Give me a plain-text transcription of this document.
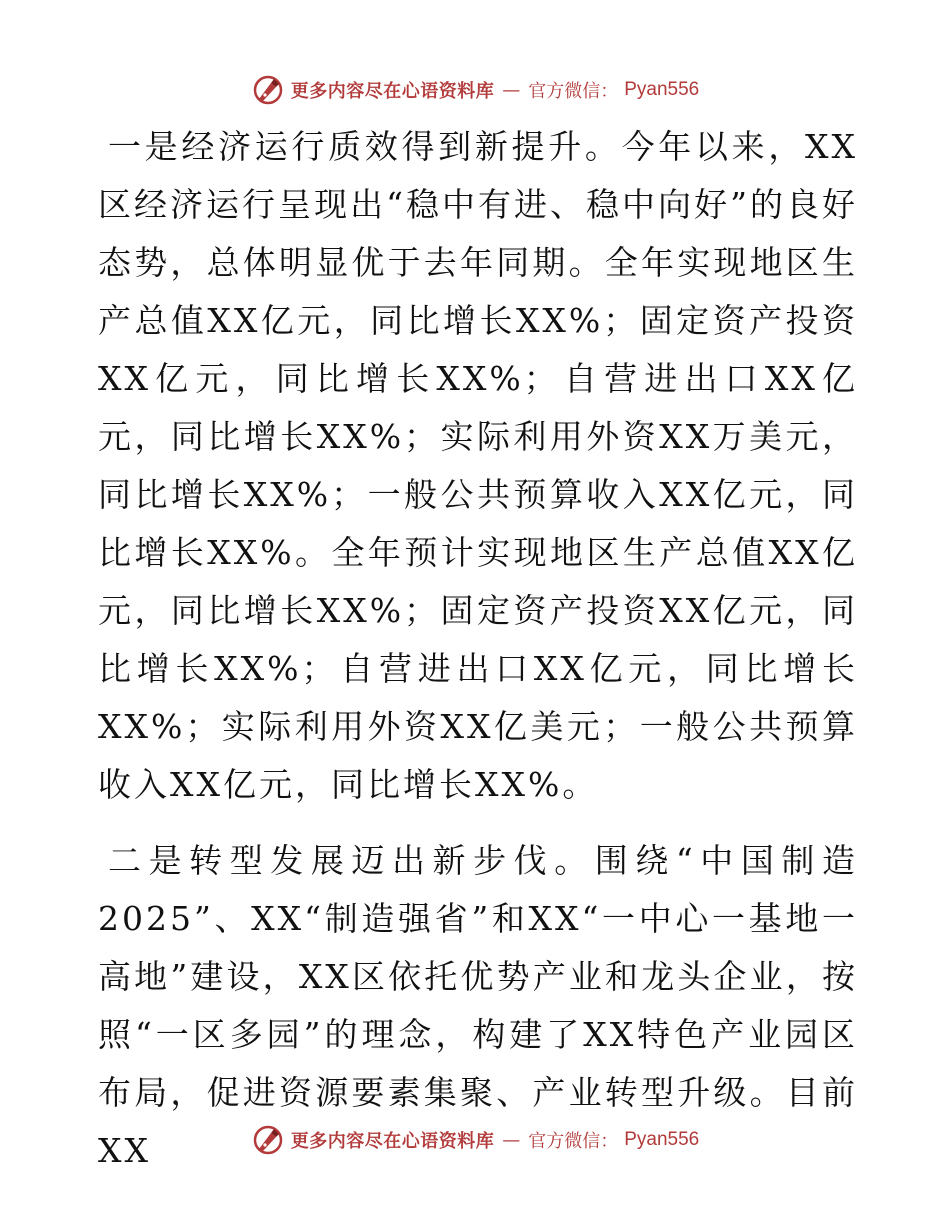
更多内容尽在心语资料库 — 官方微信： Pyan556

一是经济运行质效得到新提升。今年以来，XX区经济运行呈现出“稳中有进、稳中向好”的良好态势，总体明显优于去年同期。全年实现地区生产总值XX亿元，同比增长XX%；固定资产投资XX亿元，同比增长XX%；自营进出口XX亿元，同比增长XX%；实际利用外资XX万美元，同比增长XX%；一般公共预算收入XX亿元，同比增长XX%。全年预计实现地区生产总值XX亿元，同比增长XX%；固定资产投资XX亿元，同比增长XX%；自营进出口XX亿元，同比增长XX%；实际利用外资XX亿美元；一般公共预算收入XX亿元，同比增长XX%。

二是转型发展迈出新步伐。围绕“中国制造2025”、XX“制造强省”和XX“一中心一基地一高地”建设，XX区依托优势产业和龙头企业，按照“一区多园”的理念，构建了XX特色产业园区布局，促进资源要素集聚、产业转型升级。目前XX	更多内容尽在心语资料库 — 官方微信： Pyan556
